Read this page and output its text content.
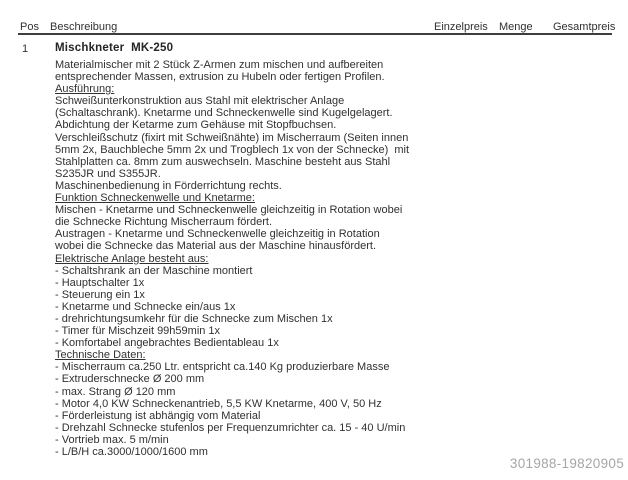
Pos Beschreibung	Einzelpreis Menge Gesamtpreis
1 Mischkneter  MK-250
Materialmischer mit 2 Stück Z-Armen zum mischen und aufbereiten
entsprechender Massen, extrusion zu Hubeln oder fertigen Profilen.
Ausführung:
Schweißunterkonstruktion aus Stahl mit elektrischer Anlage
(Schaltaschrank). Knetarme und Schneckenwelle sind Kugelgelagert.
Abdichtung der Ketarme zum Gehäuse mit Stopfbuchsen.
Verschleißschutz (fixirt mit Schweißnähte) im Mischerraum (Seiten innen
5mm 2x, Bauchbleche 5mm 2x und Trogblech 1x von der Schnecke)  mit
Stahlplatten ca. 8mm zum auswechseln. Maschine besteht aus Stahl
S235JR und S355JR.
Maschinenbedienung in Förderrichtung rechts.
Funktion Schneckenwelle und Knetarme:
Mischen - Knetarme und Schneckenwelle gleichzeitig in Rotation wobei
die Schnecke Richtung Mischerraum fördert.
Austragen - Knetarme und Schneckenwelle gleichzeitig in Rotation
wobei die Schnecke das Material aus der Maschine hinausfördert.
Elektrische Anlage besteht aus:
- Schaltshrank an der Maschine montiert
- Hauptschalter 1x
- Steuerung ein 1x
- Knetarme und Schnecke ein/aus 1x
- drehrichtungsumkehr für die Schnecke zum Mischen 1x
- Timer für Mischzeit 99h59min 1x
- Komfortabel angebrachtes Bedientableau 1x
Technische Daten:
- Mischerraum ca.250 Ltr. entspricht ca.140 Kg produzierbare Masse
- Extruderschnecke Ø 200 mm
- max. Strang Ø 120 mm
- Motor 4,0 KW Schneckenantrieb, 5,5 KW Knetarme, 400 V, 50 Hz
- Förderleistung ist abhängig vom Material
- Drehzahl Schnecke stufenlos per Frequenzumrichter ca. 15 - 40 U/min
- Vortrieb max. 5 m/min
- L/B/H ca.3000/1000/1600 mm
301988-19820905
